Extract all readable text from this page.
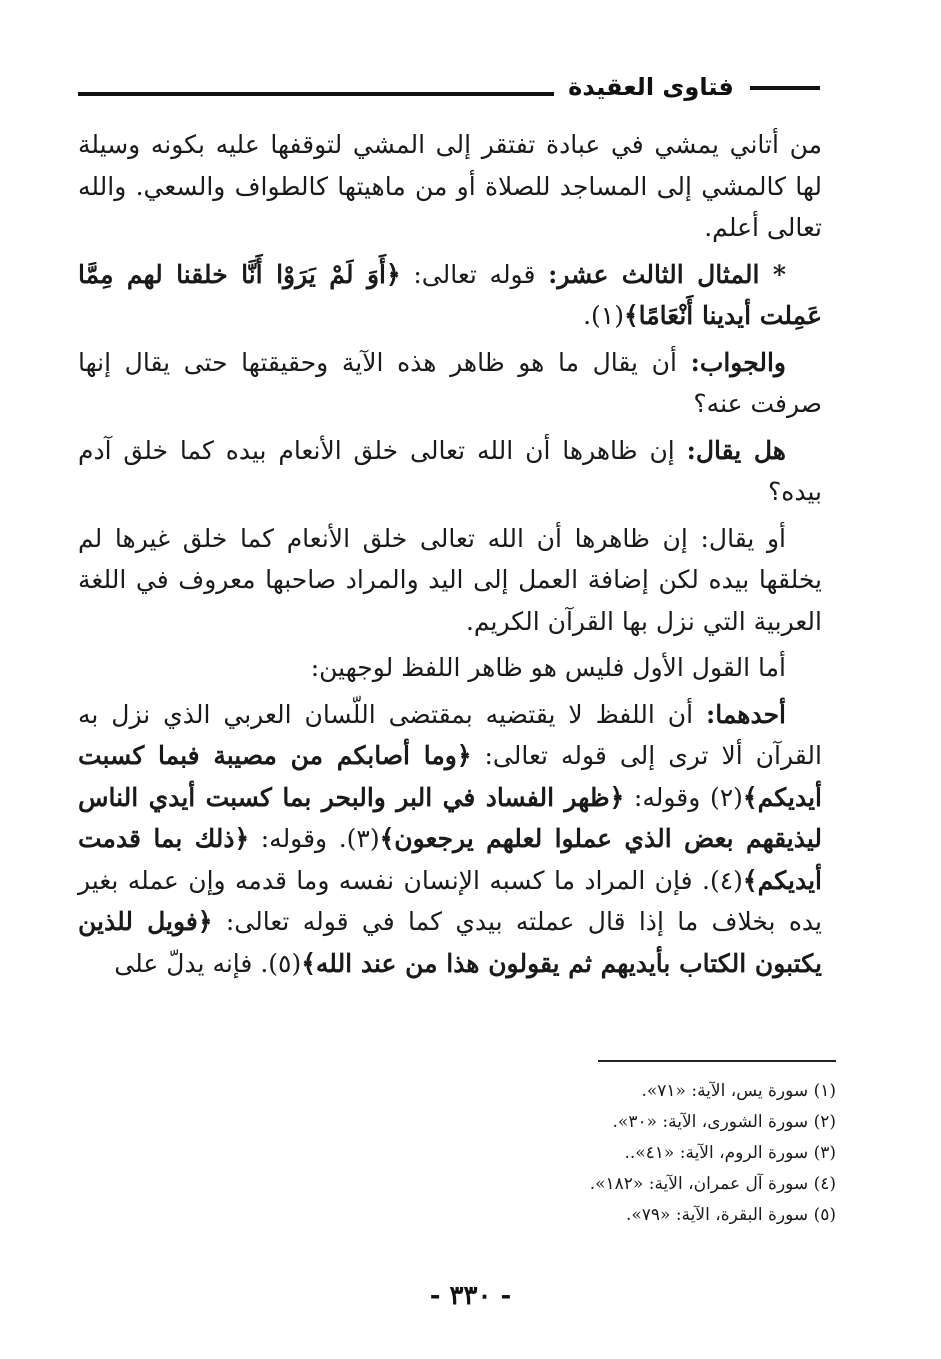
فتاوى العقيدة

من أتاني يمشي في عبادة تفتقر إلى المشي لتوقفها عليه بكونه وسيلة لها كالمشي إلى المساجد للصلاة أو من ماهيتها كالطواف والسعي. والله تعالى أعلم.

* المثال الثالث عشر: قوله تعالى: ﴿أَوَ لَمْ يَرَوْا أَنَّا خلقنا لهم مِمَّا عَمِلت أيدينا أَنْعَامًا﴾(١).

والجواب: أن يقال ما هو ظاهر هذه الآية وحقيقتها حتى يقال إنها صرفت عنه؟

هل يقال: إن ظاهرها أن الله تعالى خلق الأنعام بيده كما خلق آدم بيده؟

أو يقال: إن ظاهرها أن الله تعالى خلق الأنعام كما خلق غيرها لم يخلقها بيده لكن إضافة العمل إلى اليد والمراد صاحبها معروف في اللغة العربية التي نزل بها القرآن الكريم.

أما القول الأول فليس هو ظاهر اللفظ لوجهين:

أحدهما: أن اللفظ لا يقتضيه بمقتضى اللّسان العربي الذي نزل به القرآن ألا ترى إلى قوله تعالى: ﴿وما أصابكم من مصيبة فبما كسبت أيديكم﴾(٢) وقوله: ﴿ظهر الفساد في البر والبحر بما كسبت أيدي الناس ليذيقهم بعض الذي عملوا لعلهم يرجعون﴾(٣). وقوله: ﴿ذلك بما قدمت أيديكم﴾(٤). فإن المراد ما كسبه الإنسان نفسه وما قدمه وإن عمله بغير يده بخلاف ما إذا قال عملته بيدي كما في قوله تعالى: ﴿فويل للذين يكتبون الكتاب بأيديهم ثم يقولون هذا من عند الله﴾(٥). فإنه يدلّ على

(١) سورة يس، الآية: «٧١».
(٢) سورة الشورى، الآية: «٣٠».
(٣) سورة الروم، الآية: «٤١»..
(٤) سورة آل عمران، الآية: «١٨٢».
(٥) سورة البقرة، الآية: «٧٩».
- ٣٣٠ -
